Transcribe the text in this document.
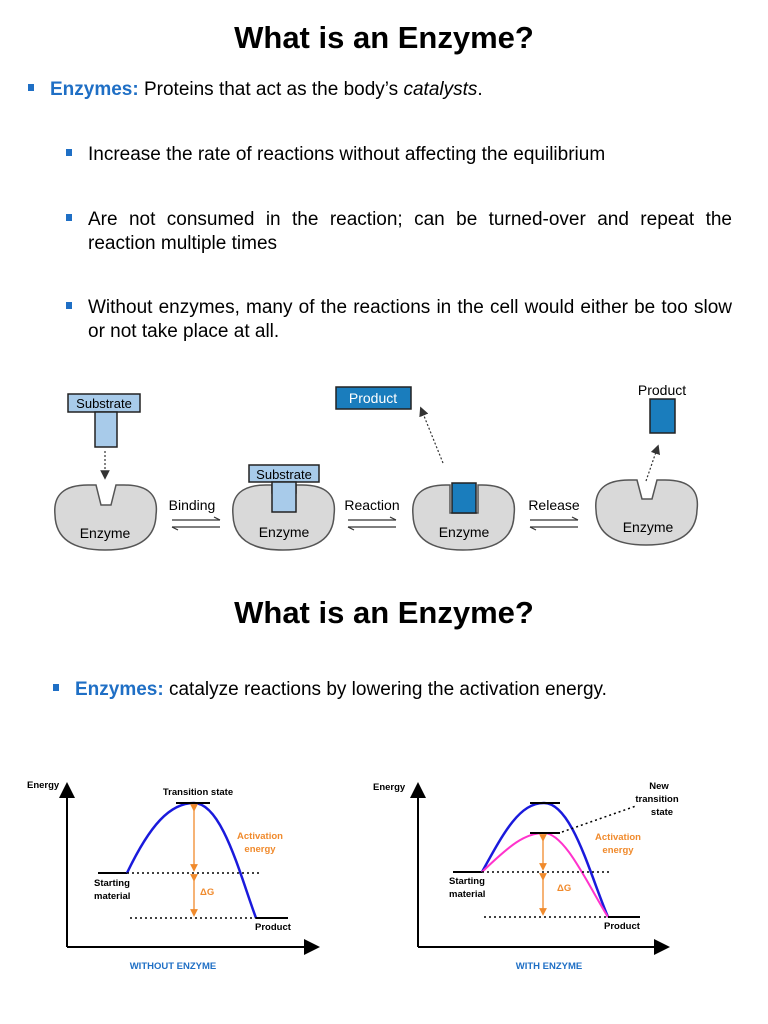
What is an Enzyme?
Enzymes: Proteins that act as the body’s catalysts.
Increase the rate of reactions without affecting the equilibrium
Are not consumed in the reaction; can be turned-over and repeat the reaction multiple times
Without enzymes, many of the reactions in the cell would either be too slow or not take place at all.
Substrate
Enzyme
Binding
Substrate
Enzyme
Reaction
Product
Enzyme
Release
Product
Enzyme
What is an Enzyme?
Enzymes: catalyze reactions by lowering the activation energy.
Energy
Transition state
Activation
energy
Starting
material	ΔG
Product
WITHOUT ENZYME
Energy	New
transition
state
Activation
energy
Starting
material
ΔG
Product
WITH ENZYME
